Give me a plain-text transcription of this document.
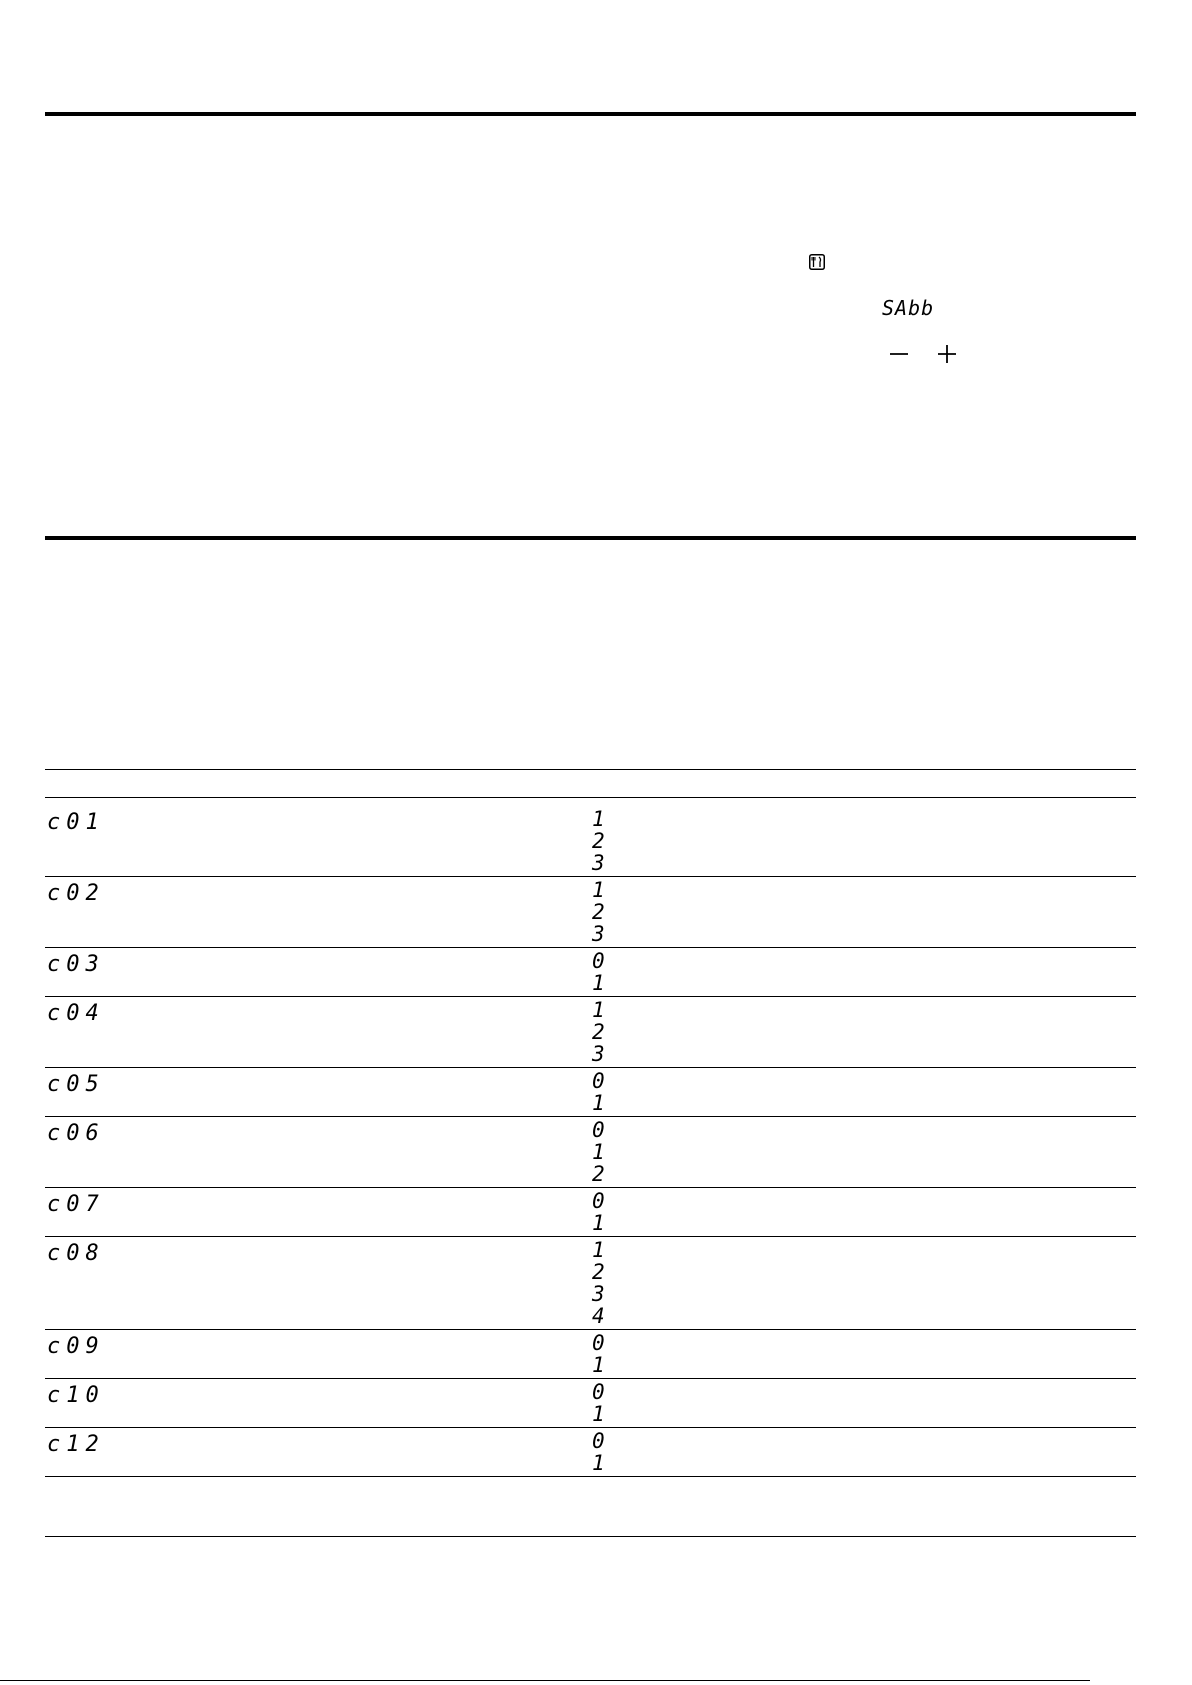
SAbb
c01	1
2
3
c02	1
2
3
c03	0
1
c04	1
2
3
c05	0
1
c06	0
1
2
c07	0
1
c08	1
2
3
4
c09	0
1
c10	0
1
c12	0
1
